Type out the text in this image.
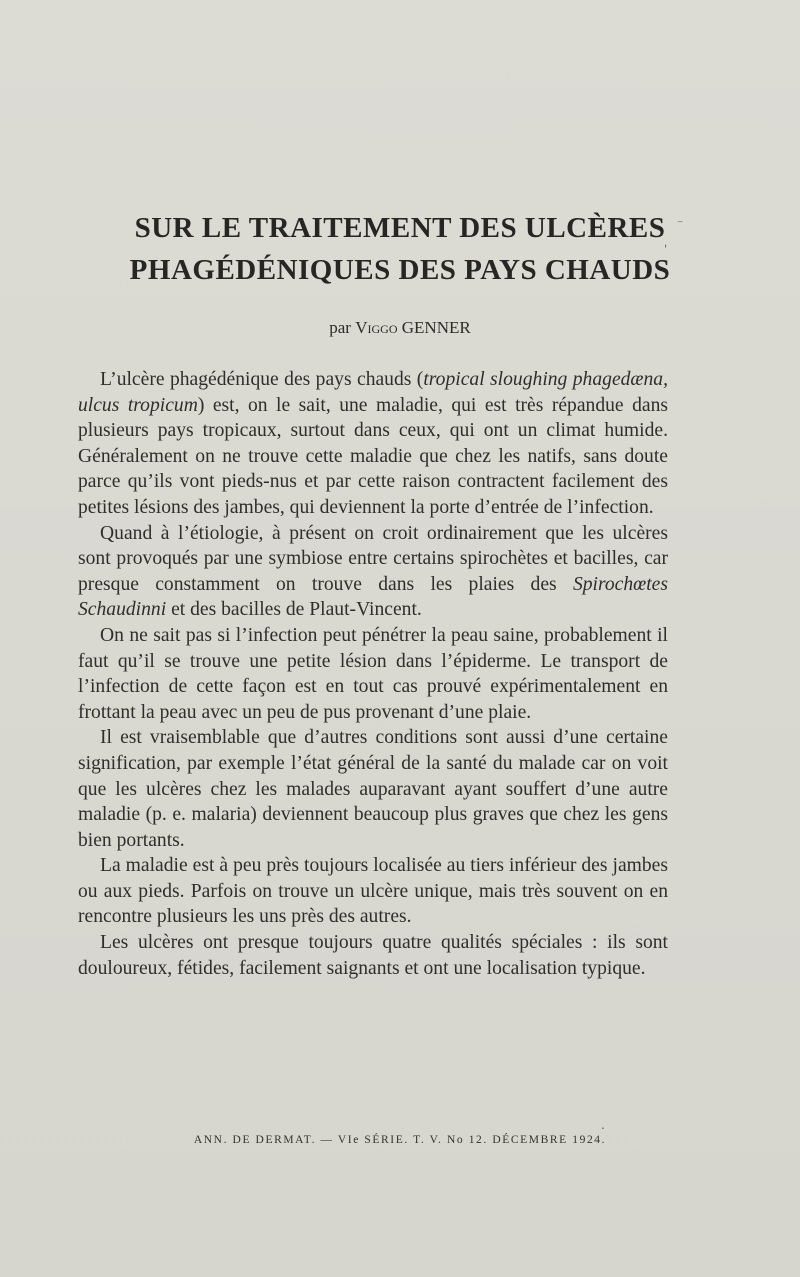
SUR LE TRAITEMENT DES ULCÈRES
PHAGÉDÉNIQUES DES PAYS CHAUDS
par Viggo GENNER

L’ulcère phagédénique des pays chauds (tropical sloughing phagedæna, ulcus tropicum) est, on le sait, une maladie, qui est très répandue dans plusieurs pays tropicaux, surtout dans ceux, qui ont un climat humide. Généralement on ne trouve cette maladie que chez les natifs, sans doute parce qu’ils vont pieds-nus et par cette raison contractent facilement des petites lésions des jambes, qui deviennent la porte d’entrée de l’infection.

Quand à l’étiologie, à présent on croit ordinairement que les ulcères sont provoqués par une symbiose entre certains spirochètes et bacilles, car presque constamment on trouve dans les plaies des Spirochœtes Schaudinni et des bacilles de Plaut-Vincent.

On ne sait pas si l’infection peut pénétrer la peau saine, probablement il faut qu’il se trouve une petite lésion dans l’épiderme. Le transport de l’infection de cette façon est en tout cas prouvé expérimentalement en frottant la peau avec un peu de pus provenant d’une plaie.

Il est vraisemblable que d’autres conditions sont aussi d’une certaine signification, par exemple l’état général de la santé du malade car on voit que les ulcères chez les malades auparavant ayant souffert d’une autre maladie (p. e. malaria) deviennent beaucoup plus graves que chez les gens bien portants.

La maladie est à peu près toujours localisée au tiers inférieur des jambes ou aux pieds. Parfois on trouve un ulcère unique, mais très souvent on en rencontre plusieurs les uns près des autres.

Les ulcères ont presque toujours quatre qualités spéciales : ils sont douloureux, fétides, facilement saignants et ont une localisation typique.

ANN. DE DERMAT. — VIe SÉRIE. T. V. No 12. DÉCEMBRE 1924.
⁻
ˈ
.
